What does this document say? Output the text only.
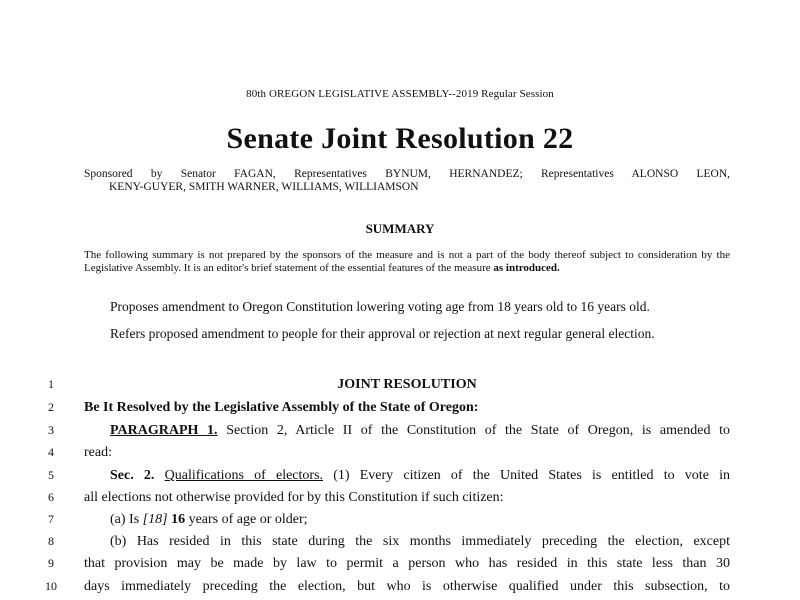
80th OREGON LEGISLATIVE ASSEMBLY--2019 Regular Session
Senate Joint Resolution 22
Sponsored by Senator FAGAN, Representatives BYNUM, HERNANDEZ; Representatives ALONSO LEON,
KENY-GUYER, SMITH WARNER, WILLIAMS, WILLIAMSON
SUMMARY
The following summary is not prepared by the sponsors of the measure and is not a part of the body thereof subject to consideration by the Legislative Assembly. It is an editor's brief statement of the essential features of the measure as introduced.
Proposes amendment to Oregon Constitution lowering voting age from 18 years old to 16 years old.
Refers proposed amendment to people for their approval or rejection at next regular general election.
1	JOINT RESOLUTION
2	Be It Resolved by the Legislative Assembly of the State of Oregon:
3	PARAGRAPH 1. Section 2, Article II of the Constitution of the State of Oregon, is amended to
4	read:
5	Sec. 2. Qualifications of electors. (1) Every citizen of the United States is entitled to vote in
6	all elections not otherwise provided for by this Constitution if such citizen:
7	(a) Is [18] 16 years of age or older;
8	(b) Has resided in this state during the six months immediately preceding the election, except
9	that provision may be made by law to permit a person who has resided in this state less than 30
10	days immediately preceding the election, but who is otherwise qualified under this subsection, to
